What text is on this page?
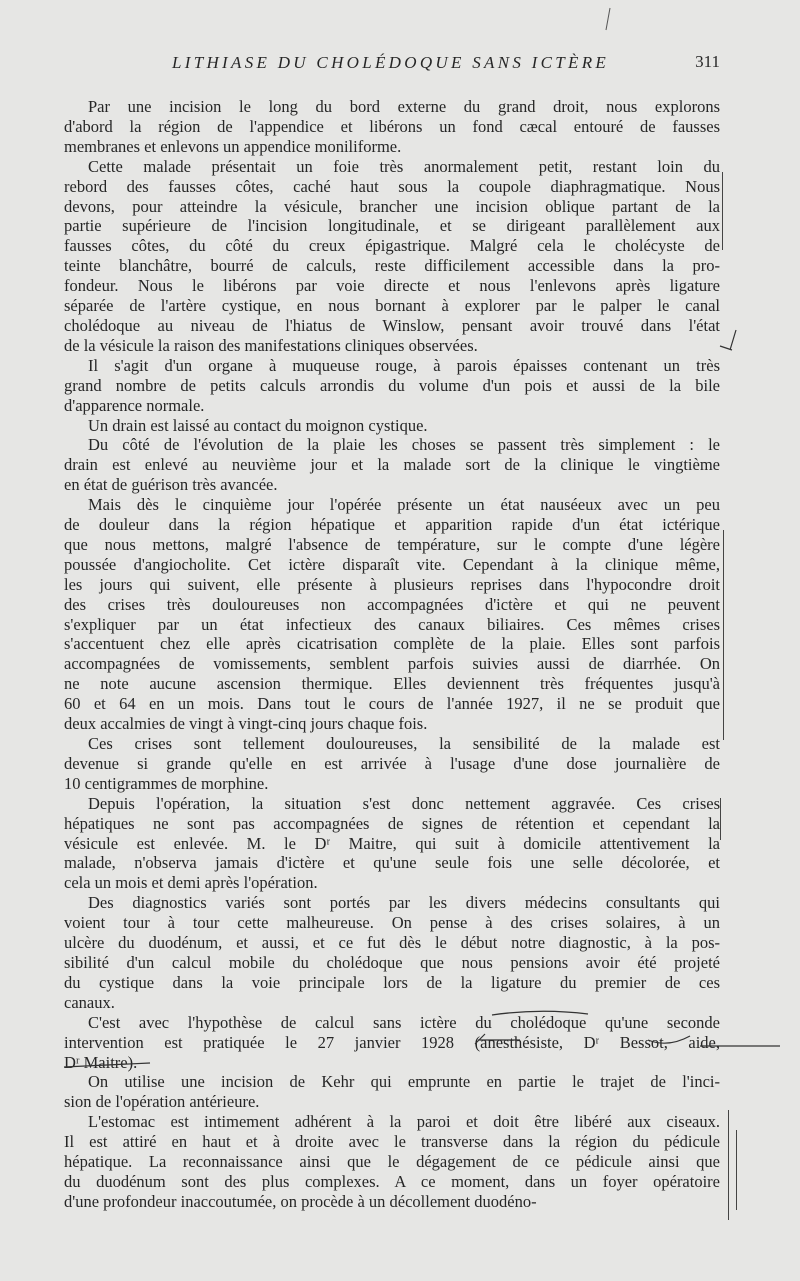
LITHIASE DU CHOLÉDOQUE SANS ICTÈRE	311
Par une incision le long du bord externe du grand droit, nous explorons
d'abord la région de l'appendice et libérons un fond cæcal entouré de fausses
membranes et enlevons un appendice moniliforme.
Cette malade présentait un foie très anormalement petit, restant loin du
rebord des fausses côtes, caché haut sous la coupole diaphragmatique. Nous
devons, pour atteindre la vésicule, brancher une incision oblique partant de la
partie supérieure de l'incision longitudinale, et se dirigeant parallèlement aux
fausses côtes, du côté du creux épigastrique. Malgré cela le cholécyste de
teinte blanchâtre, bourré de calculs, reste difficilement accessible dans la pro-
fondeur. Nous le libérons par voie directe et nous l'enlevons après ligature
séparée de l'artère cystique, en nous bornant à explorer par le palper le canal
cholédoque au niveau de l'hiatus de Winslow, pensant avoir trouvé dans l'état
de la vésicule la raison des manifestations cliniques observées.
Il s'agit d'un organe à muqueuse rouge, à parois épaisses contenant un très
grand nombre de petits calculs arrondis du volume d'un pois et aussi de la bile
d'apparence normale.
Un drain est laissé au contact du moignon cystique.
Du côté de l'évolution de la plaie les choses se passent très simplement : le
drain est enlevé au neuvième jour et la malade sort de la clinique le vingtième
en état de guérison très avancée.
Mais dès le cinquième jour l'opérée présente un état nauséeux avec un peu
de douleur dans la région hépatique et apparition rapide d'un état ictérique
que nous mettons, malgré l'absence de température, sur le compte d'une légère
poussée d'angiocholite. Cet ictère disparaît vite. Cependant à la clinique même,
les jours qui suivent, elle présente à plusieurs reprises dans l'hypocondre droit
des crises très douloureuses non accompagnées d'ictère et qui ne peuvent
s'expliquer par un état infectieux des canaux biliaires. Ces mêmes crises
s'accentuent chez elle après cicatrisation complète de la plaie. Elles sont parfois
accompagnées de vomissements, semblent parfois suivies aussi de diarrhée. On
ne note aucune ascension thermique. Elles deviennent très fréquentes jusqu'à
60 et 64 en un mois. Dans tout le cours de l'année 1927, il ne se produit que
deux accalmies de vingt à vingt-cinq jours chaque fois.
Ces crises sont tellement douloureuses, la sensibilité de la malade est
devenue si grande qu'elle en est arrivée à l'usage d'une dose journalière de
10 centigrammes de morphine.
Depuis l'opération, la situation s'est donc nettement aggravée. Ces crises
hépatiques ne sont pas accompagnées de signes de rétention et cependant la
vésicule est enlevée. M. le Dʳ Maitre, qui suit à domicile attentivement la
malade, n'observa jamais d'ictère et qu'une seule fois une selle décolorée, et
cela un mois et demi après l'opération.
Des diagnostics variés sont portés par les divers médecins consultants qui
voient tour à tour cette malheureuse. On pense à des crises solaires, à un
ulcère du duodénum, et aussi, et ce fut dès le début notre diagnostic, à la pos-
sibilité d'un calcul mobile du cholédoque que nous pensions avoir été projeté
du cystique dans la voie principale lors de la ligature du premier de ces
canaux.
C'est avec l'hypothèse de calcul sans ictère du cholédoque qu'une seconde
intervention est pratiquée le 27 janvier 1928 (anesthésiste, Dʳ Bessot, aide,
Dʳ Maitre).
On utilise une incision de Kehr qui emprunte en partie le trajet de l'inci-
sion de l'opération antérieure.
L'estomac est intimement adhérent à la paroi et doit être libéré aux ciseaux.
Il est attiré en haut et à droite avec le transverse dans la région du pédicule
hépatique. La reconnaissance ainsi que le dégagement de ce pédicule ainsi que
du duodénum sont des plus complexes. A ce moment, dans un foyer opératoire
d'une profondeur inaccoutumée, on procède à un décollement duodéno-
